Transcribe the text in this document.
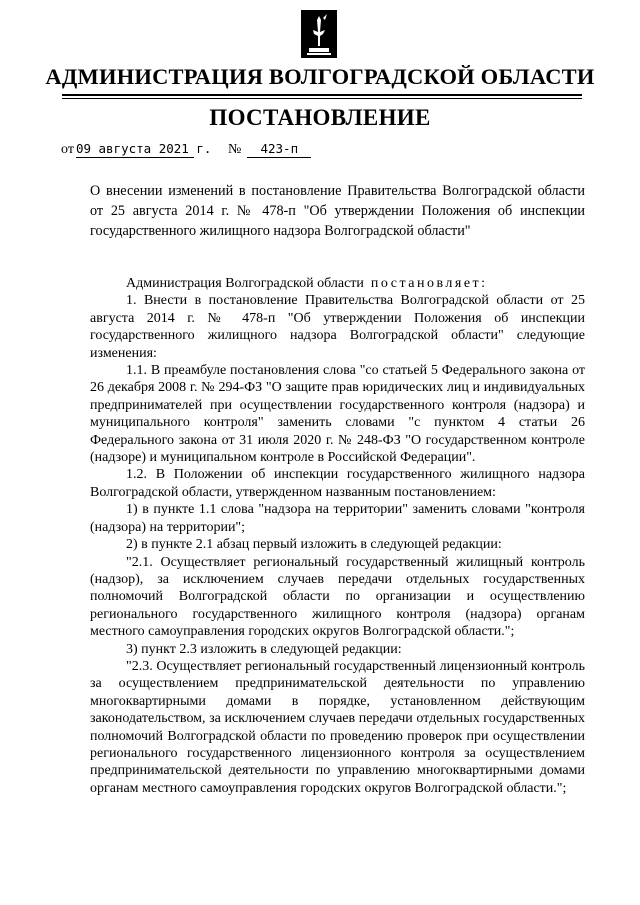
АДМИНИСТРАЦИЯ ВОЛГОГРАДСКОЙ ОБЛАСТИ
ПОСТАНОВЛЕНИЕ
от 09 августа 2021 г. № 423-п
О внесении изменений в постановление Правительства Волгоградской области от 25 августа 2014 г. № 478-п "Об утверждении Положения об инспекции государственного жилищного надзора Волгоградской области"

Администрация Волгоградской области постановляет:

1. Внести в постановление Правительства Волгоградской области от 25 августа 2014 г. № 478-п "Об утверждении Положения об инспекции государственного жилищного надзора Волгоградской области" следующие изменения:

1.1. В преамбуле постановления слова "со статьей 5 Федерального закона от 26 декабря 2008 г. № 294-ФЗ "О защите прав юридических лиц и индивидуальных предпринимателей при осуществлении государственного контроля (надзора) и муниципального контроля" заменить словами "с пунктом 4 статьи 26 Федерального закона от 31 июля 2020 г. № 248-ФЗ "О государственном контроле (надзоре) и муниципальном контроле в Российской Федерации".

1.2. В Положении об инспекции государственного жилищного надзора Волгоградской области, утвержденном названным постановлением:

1) в пункте 1.1 слова "надзора на территории" заменить словами "контроля (надзора) на территории";

2) в пункте 2.1 абзац первый изложить в следующей редакции:

"2.1. Осуществляет региональный государственный жилищный контроль (надзор), за исключением случаев передачи отдельных государственных полномочий Волгоградской области по организации и осуществлению регионального государственного жилищного контроля (надзора) органам местного самоуправления городских округов Волгоградской области.";

3) пункт 2.3 изложить в следующей редакции:

"2.3. Осуществляет региональный государственный лицензионный контроль за осуществлением предпринимательской деятельности по управлению многоквартирными домами в порядке, установленном действующим законодательством, за исключением случаев передачи отдельных государственных полномочий Волгоградской области по проведению проверок при осуществлении регионального государственного лицензионного контроля за осуществлением предпринимательской деятельности по управлению многоквартирными домами органам местного самоуправления городских округов Волгоградской области.";
